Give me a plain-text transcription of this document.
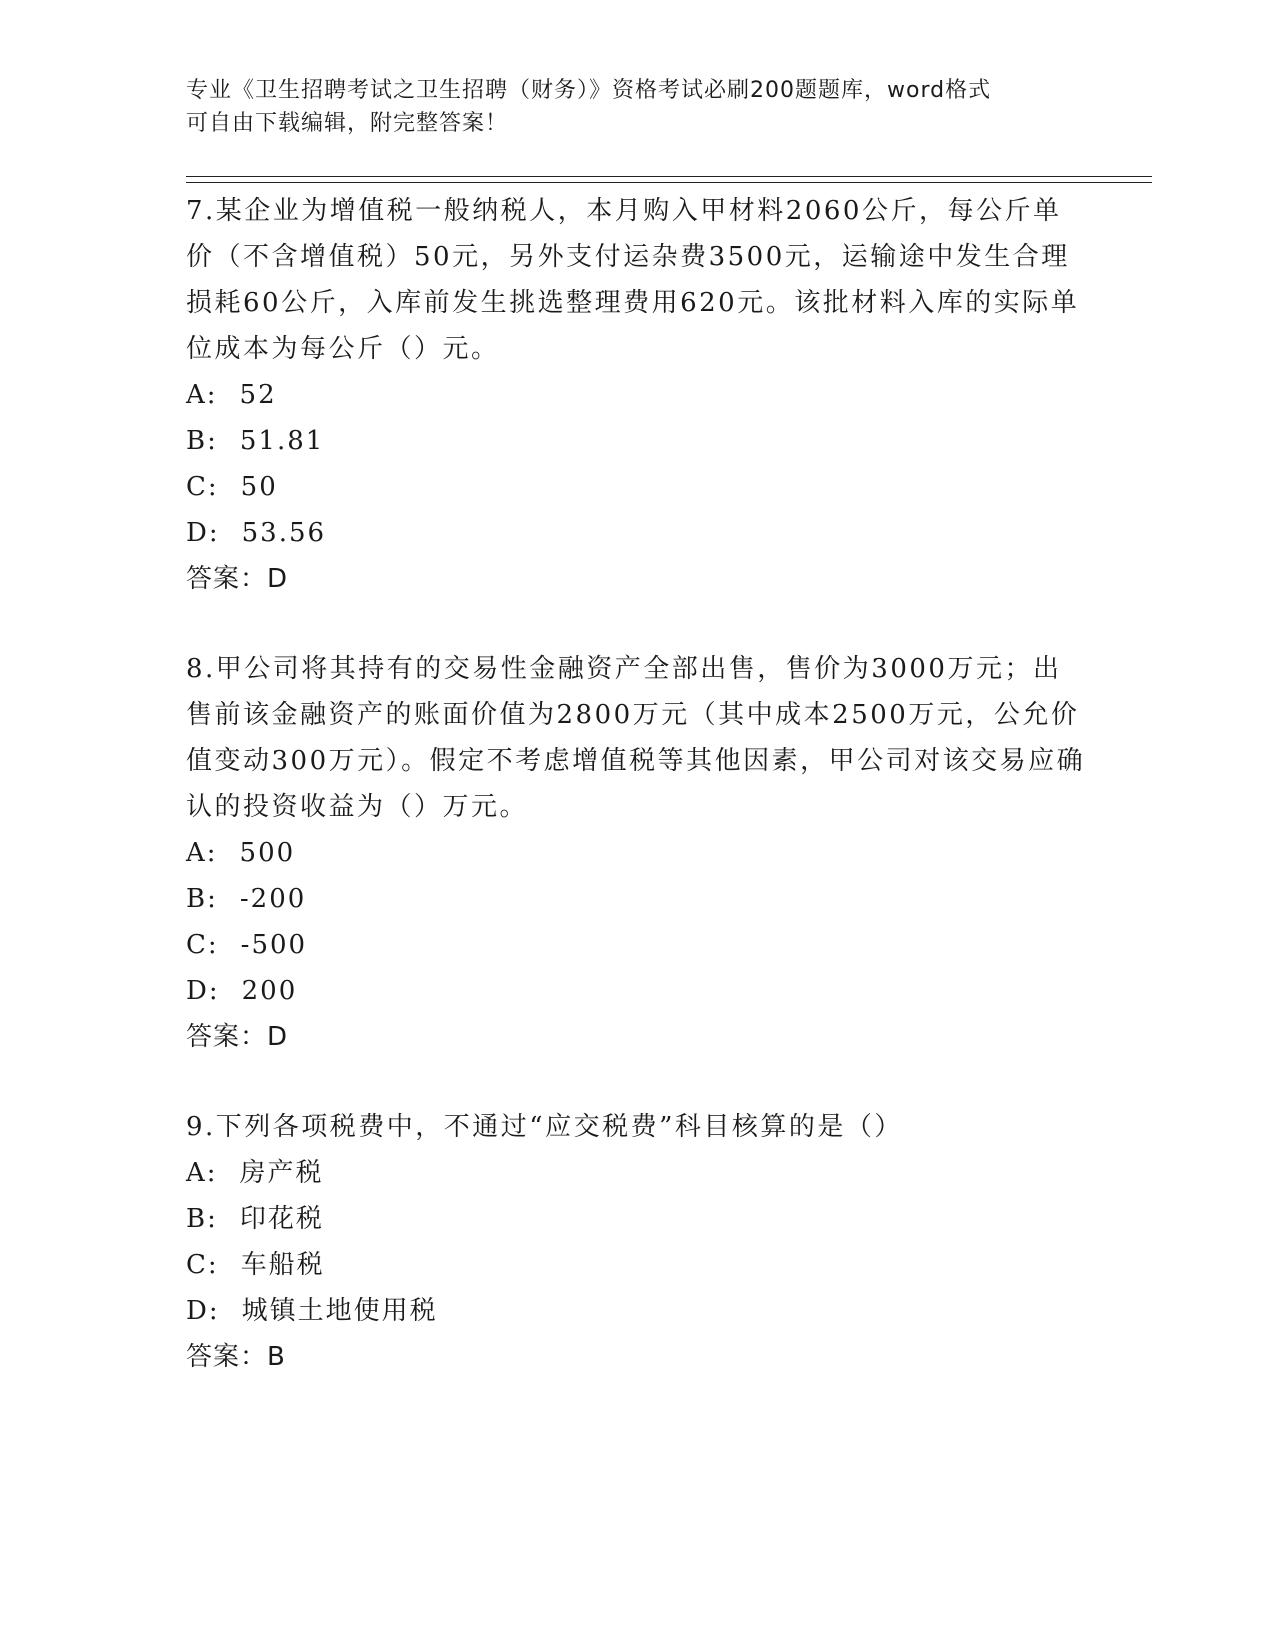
专业《卫生招聘考试之卫生招聘（财务）》资格考试必刷200题题库，word格式
可自由下载编辑，附完整答案！

7.某企业为增值税一般纳税人，本月购入甲材料2060公斤，每公斤单价（不含增值税）50元，另外支付运杂费3500元，运输途中发生合理损耗60公斤，入库前发生挑选整理费用620元。该批材料入库的实际单位成本为每公斤（）元。

A: 52

B: 51.81

C: 50

D: 53.56

答案：D

8.甲公司将其持有的交易性金融资产全部出售，售价为3000万元；出售前该金融资产的账面价值为2800万元（其中成本2500万元，公允价值变动300万元）。假定不考虑增值税等其他因素，甲公司对该交易应确认的投资收益为（）万元。

A: 500

B: -200

C: -500

D: 200

答案：D

9.下列各项税费中，不通过“应交税费”科目核算的是（）

A: 房产税

B: 印花税

C: 车船税

D: 城镇土地使用税

答案：B
